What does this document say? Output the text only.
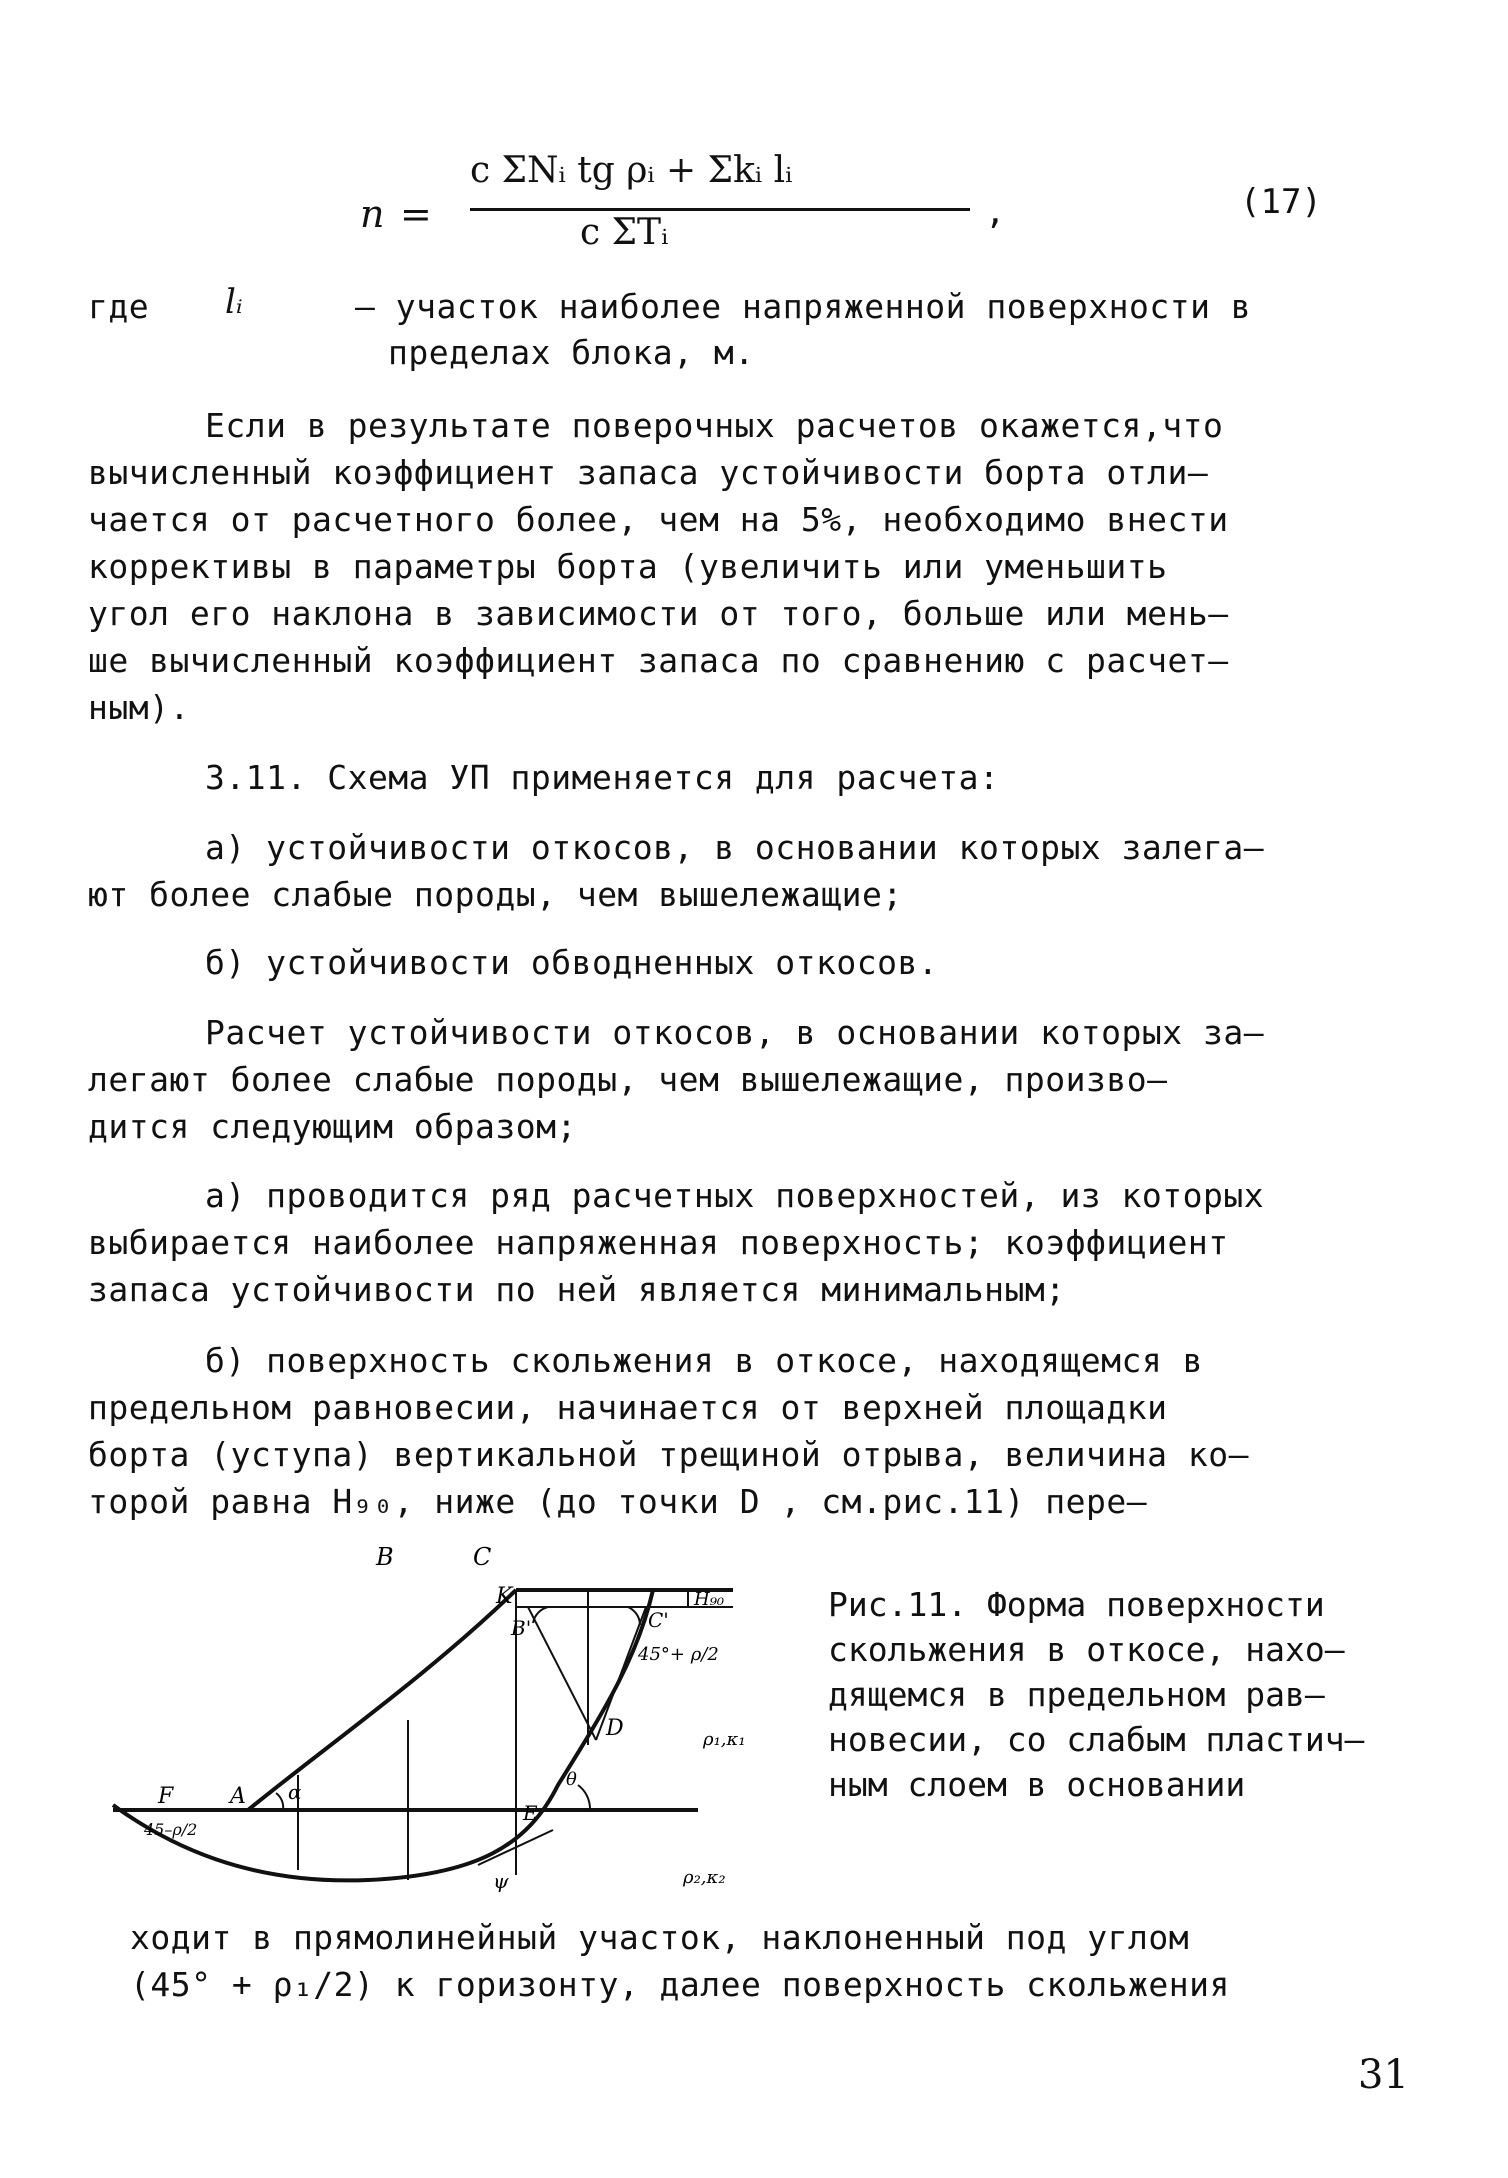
n =
c ΣNᵢ tg ρᵢ + Σkᵢ lᵢ
c ΣTᵢ	,	(17)
где lᵢ	– участок наиболее напряженной поверхности в
пределах блока, м.
Если в результате поверочных расчетов окажется,что
вычисленный коэффициент запаса устойчивости борта отли–
чается от расчетного более, чем на 5%, необходимо внести
коррективы в параметры борта (увеличить или уменьшить
угол его наклона в зависимости от того, больше или мень–
ше вычисленный коэффициент запаса по сравнению с расчет–
ным).
3.11. Схема УП применяется для расчета:
а) устойчивости откосов, в основании которых залега–
ют более слабые породы, чем вышележащие;
б) устойчивости обводненных откосов.
Расчет устойчивости откосов, в основании которых за–
легают более слабые породы, чем вышележащие, произво–
дится следующим образом;
а) проводится ряд расчетных поверхностей, из которых
выбирается наиболее напряженная поверхность; коэффициент
запаса устойчивости по ней является минимальным;
б) поверхность скольжения в откосе, находящемся в
предельном равновесии, начинается от верхней площадки
борта (уступа) вертикальной трещиной отрыва, величина ко–
торой равна H₉₀, ниже (до точки D , см.рис.11) пере–
B	C
K
B'	C'
H₉₀
45°+ ρ/2
D	ρ₁,κ₁
θ
F	A α
E
45–ρ/2
ψ	ρ₂,κ₂
Рис.11. Форма поверхности
скольжения в откосе, нахо–
дящемся в предельном рав–
новесии, со слабым пластич–
ным слоем в основании
ходит в прямолинейный участок, наклоненный под углом
(45° + ρ₁/2) к горизонту, далее поверхность скольжения
31
